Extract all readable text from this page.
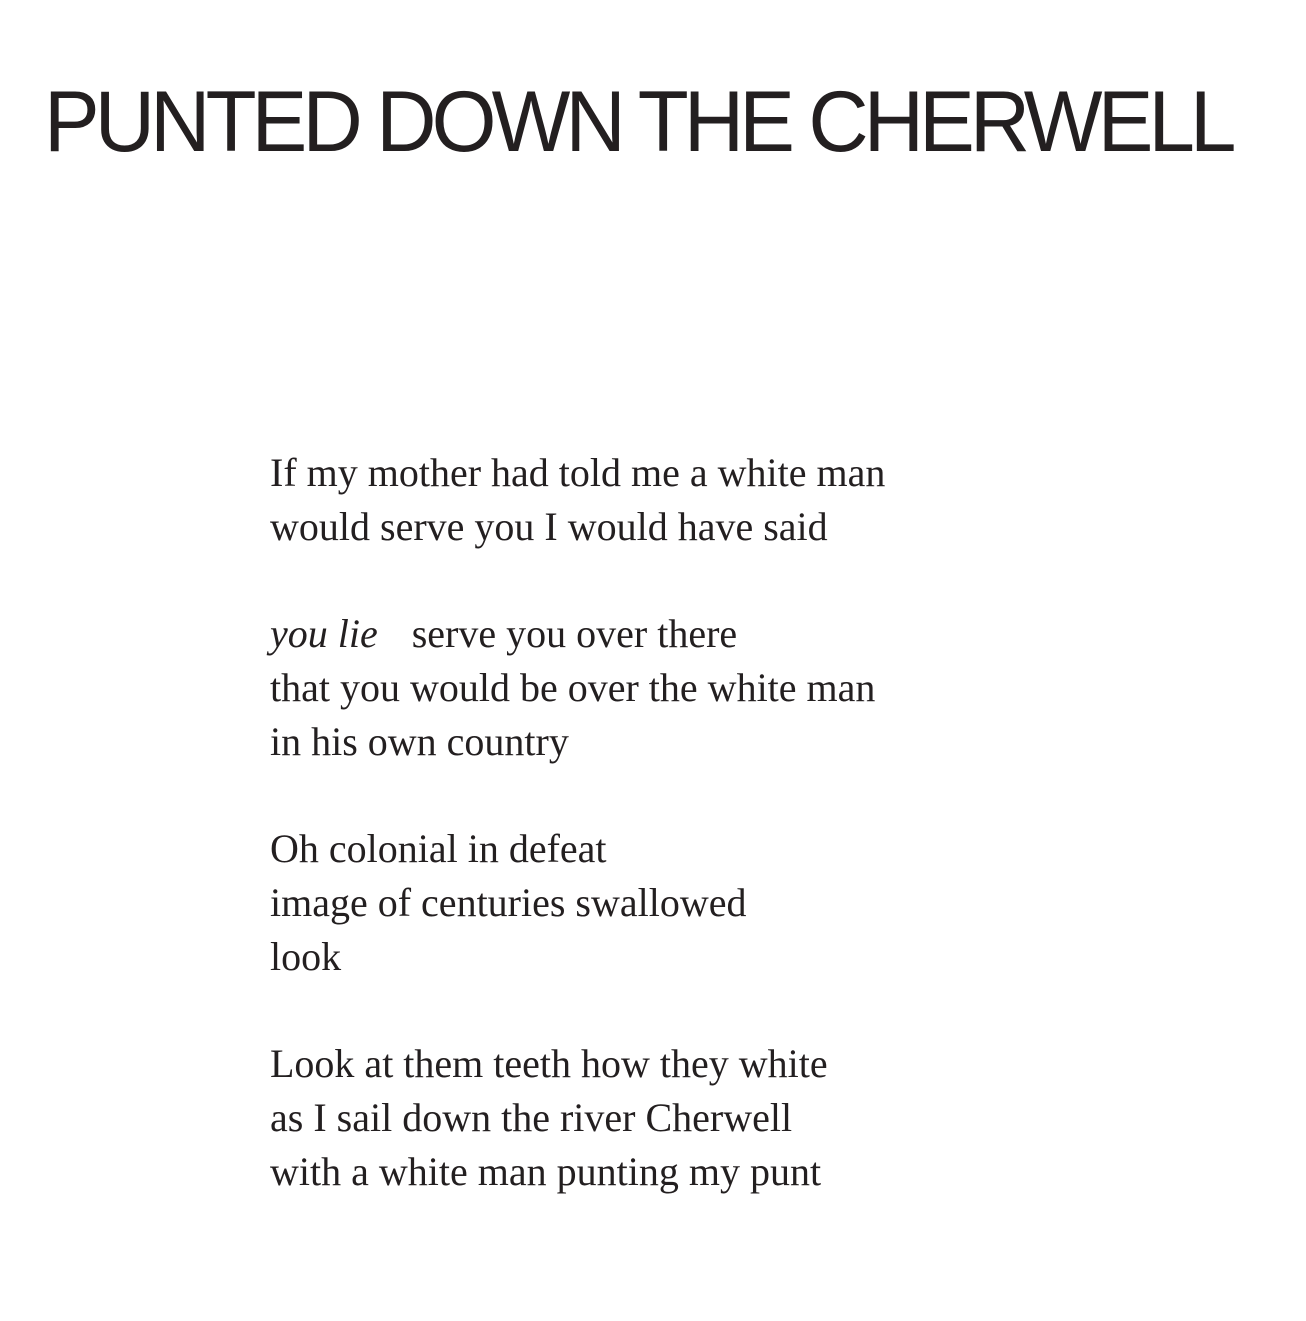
PUNTED DOWN THE CHERWELL
If my mother had told me a white man
would serve you I would have said
you lie serve you over there
that you would be over the white man
in his own country
Oh colonial in defeat
image of centuries swallowed
look
Look at them teeth how they white
as I sail down the river Cherwell
with a white man punting my punt
